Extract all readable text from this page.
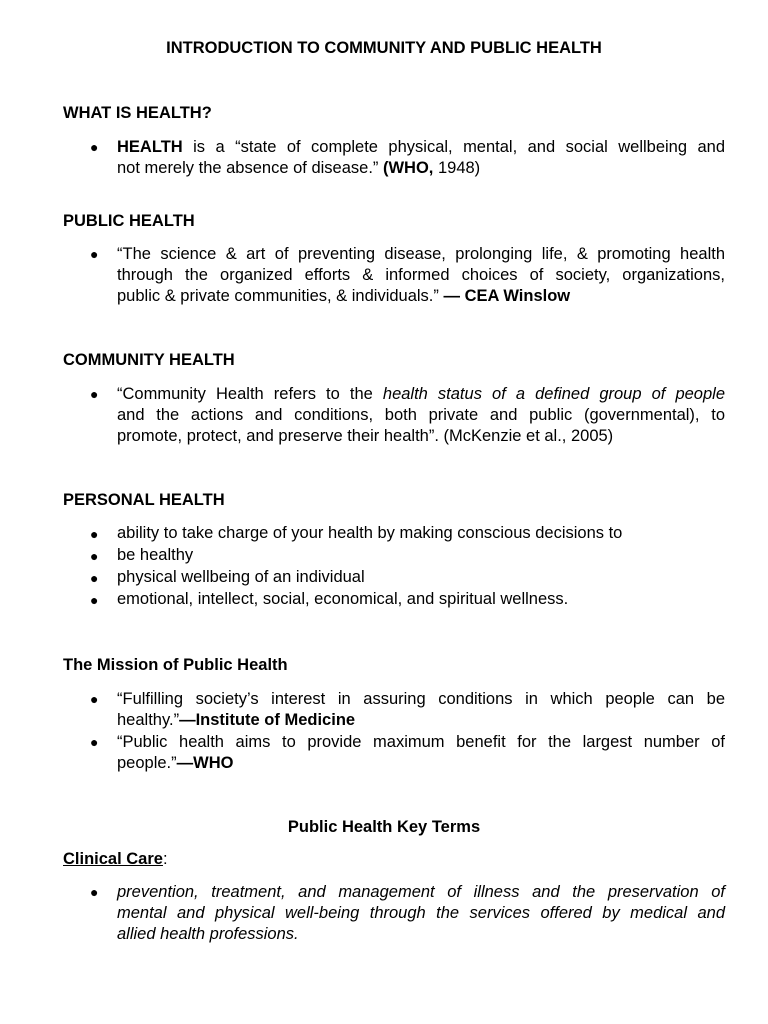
INTRODUCTION TO COMMUNITY AND PUBLIC HEALTH
WHAT IS HEALTH?
● HEALTH is a “state of complete physical, mental, and social wellbeing and
not merely the absence of disease.” (WHO, 1948)
PUBLIC HEALTH
● “The science & art of preventing disease, prolonging life, & promoting health
through the organized efforts & informed choices of society, organizations,
public & private communities, & individuals.” — CEA Winslow
COMMUNITY HEALTH
● “Community Health refers to the health status of a defined group of people
and the actions and conditions, both private and public (governmental), to
promote, protect, and preserve their health”. (McKenzie et al., 2005)
PERSONAL HEALTH
● ability to take charge of your health by making conscious decisions to
● be healthy
● physical wellbeing of an individual
● emotional, intellect, social, economical, and spiritual wellness.
The Mission of Public Health
● “Fulfilling society’s interest in assuring conditions in which people can be
healthy.”—Institute of Medicine
● “Public health aims to provide maximum benefit for the largest number of
people.”—WHO
Public Health Key Terms
Clinical Care:
● prevention, treatment, and management of illness and the preservation of
mental and physical well-being through the services offered by medical and
allied health professions.
